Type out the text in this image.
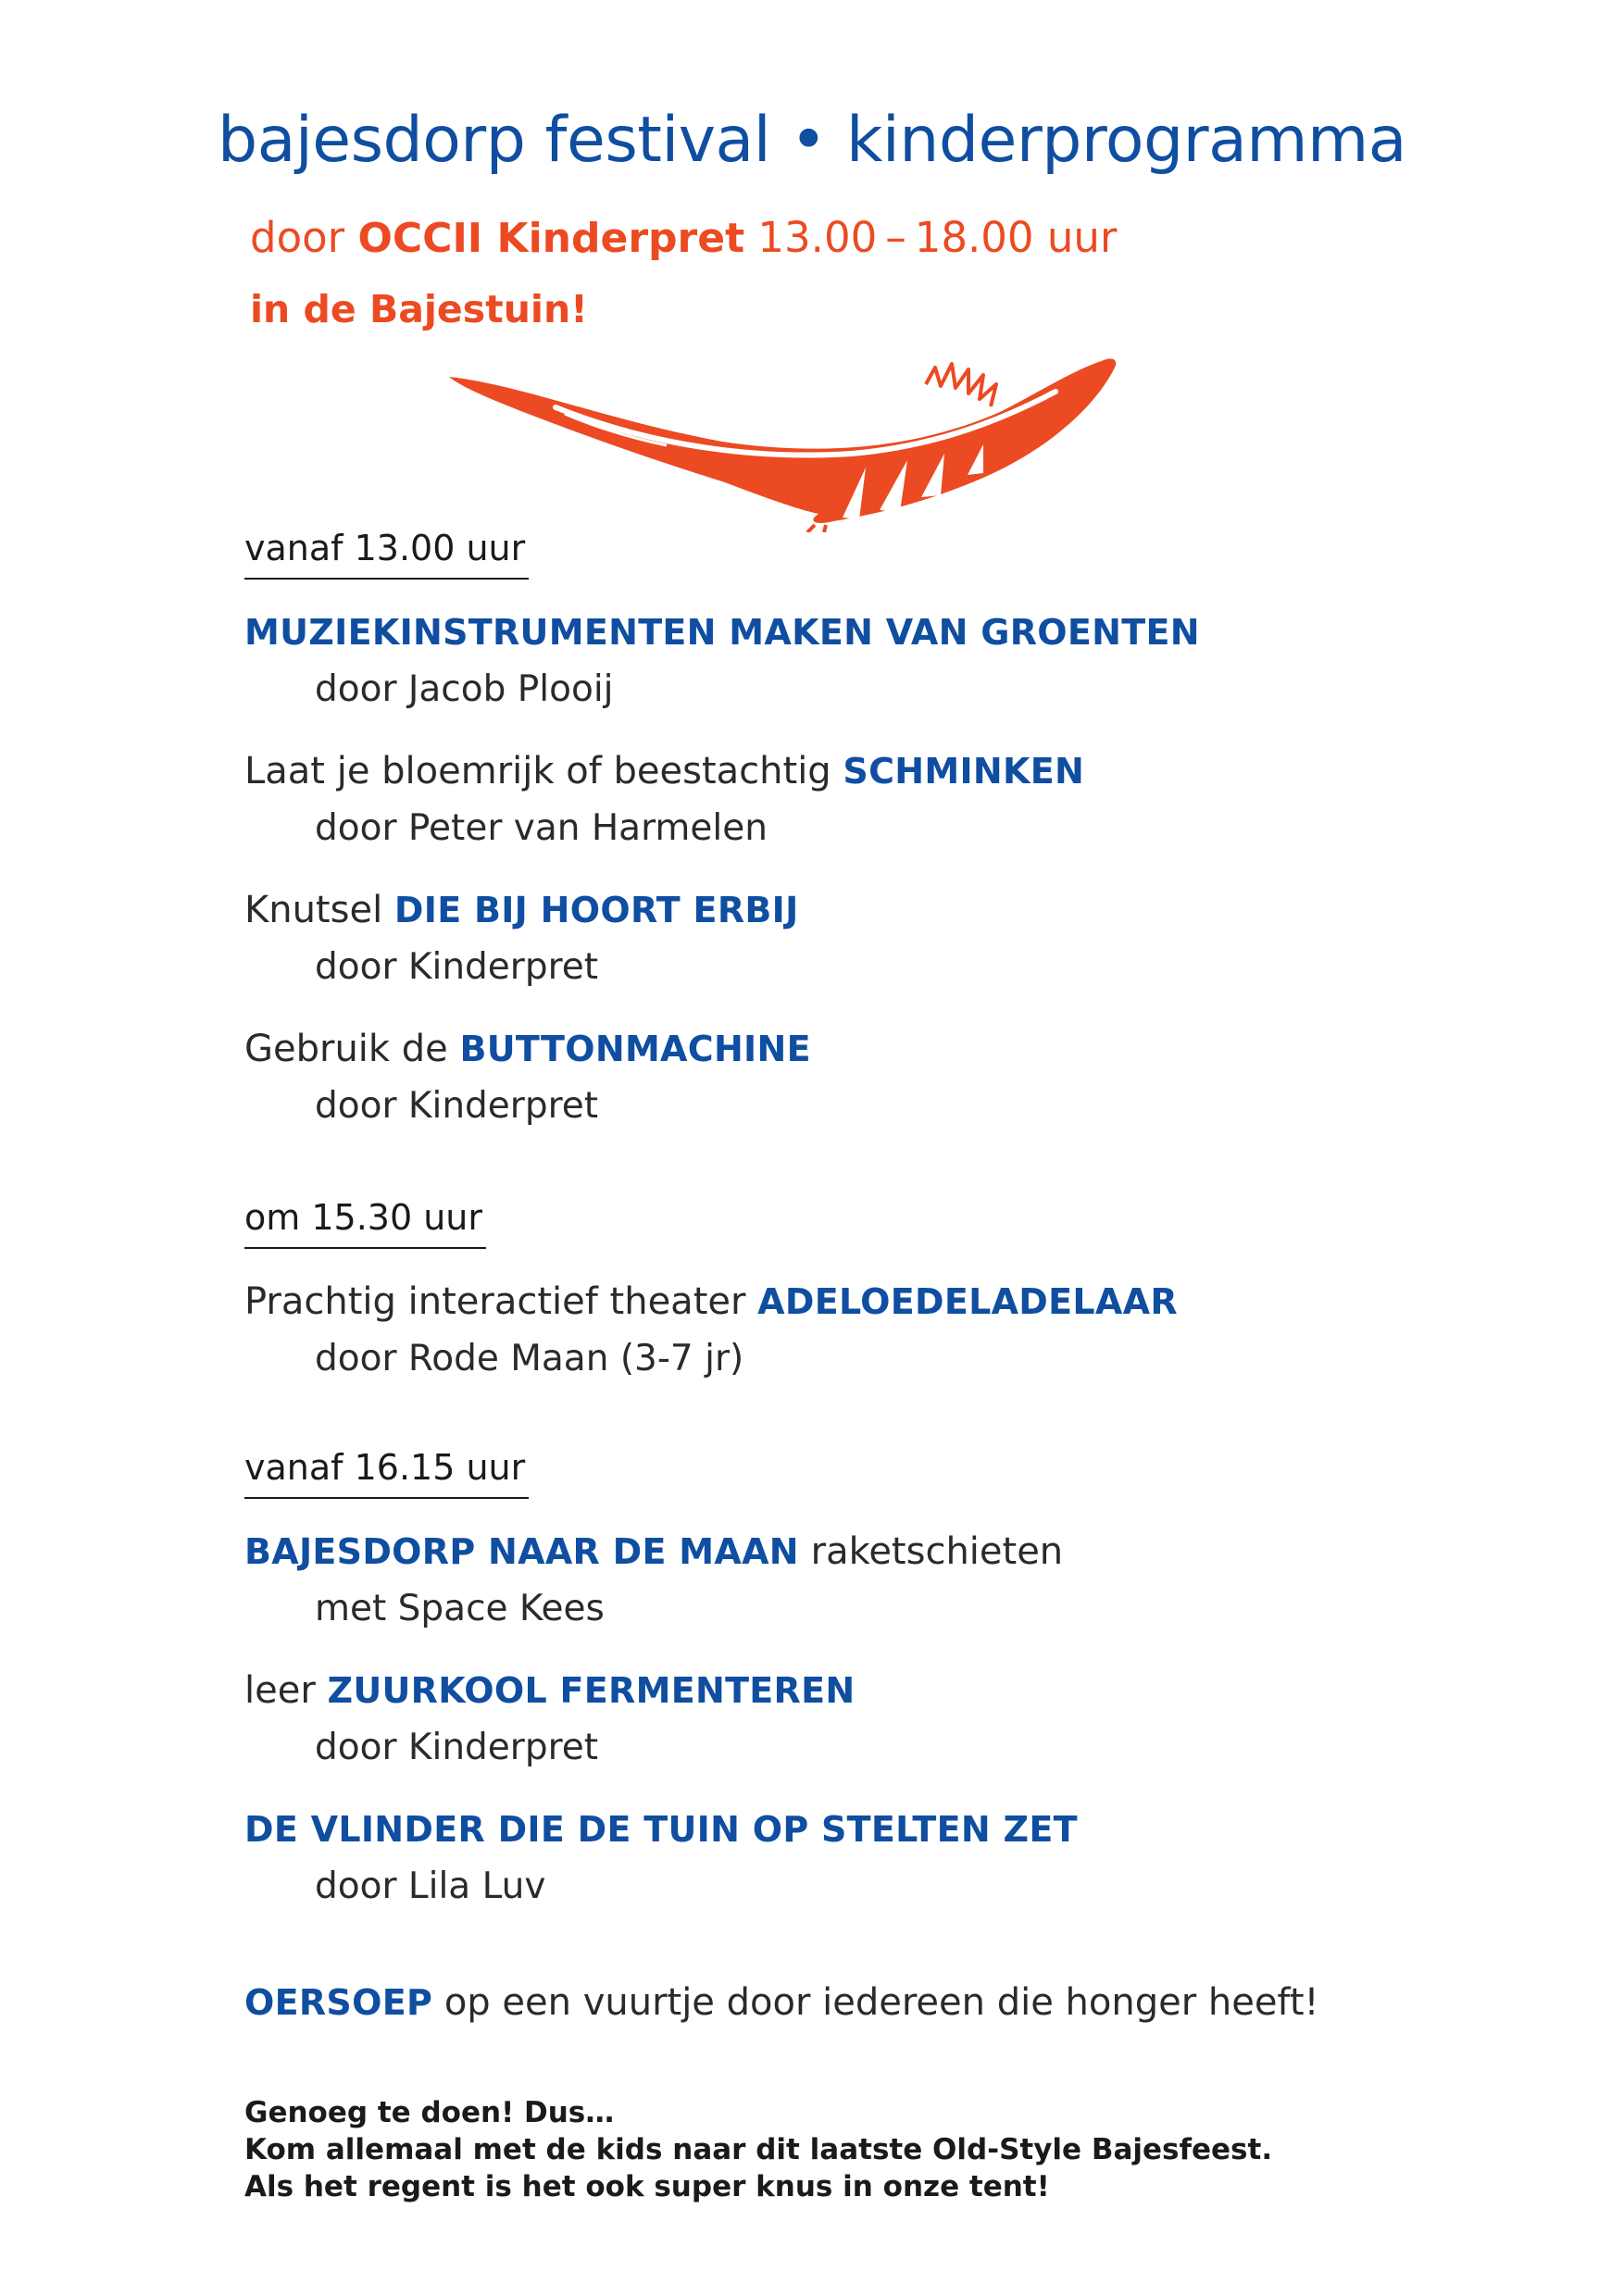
bajesdorp festival • kinderprogramma
door OCCII Kinderpret 13.00 – 18.00 uur
in de Bajestuin!
vanaf 13.00 uur
MUZIEKINSTRUMENTEN MAKEN VAN GROENTEN
door Jacob Plooij
Laat je bloemrijk of beestachtig SCHMINKEN
door Peter van Harmelen
Knutsel DIE BIJ HOORT ERBIJ
door Kinderpret
Gebruik de BUTTONMACHINE
door Kinderpret
om 15.30 uur
Prachtig interactief theater ADELOEDELADELAAR
door Rode Maan (3-7 jr)
vanaf 16.15 uur
BAJESDORP NAAR DE MAAN raketschieten
met Space Kees
leer ZUURKOOL FERMENTEREN
door Kinderpret
DE VLINDER DIE DE TUIN OP STELTEN ZET
door Lila Luv
OERSOEP op een vuurtje door iedereen die honger heeft!
Genoeg te doen! Dus…
Kom allemaal met de kids naar dit laatste Old-Style Bajesfeest.
Als het regent is het ook super knus in onze tent!
